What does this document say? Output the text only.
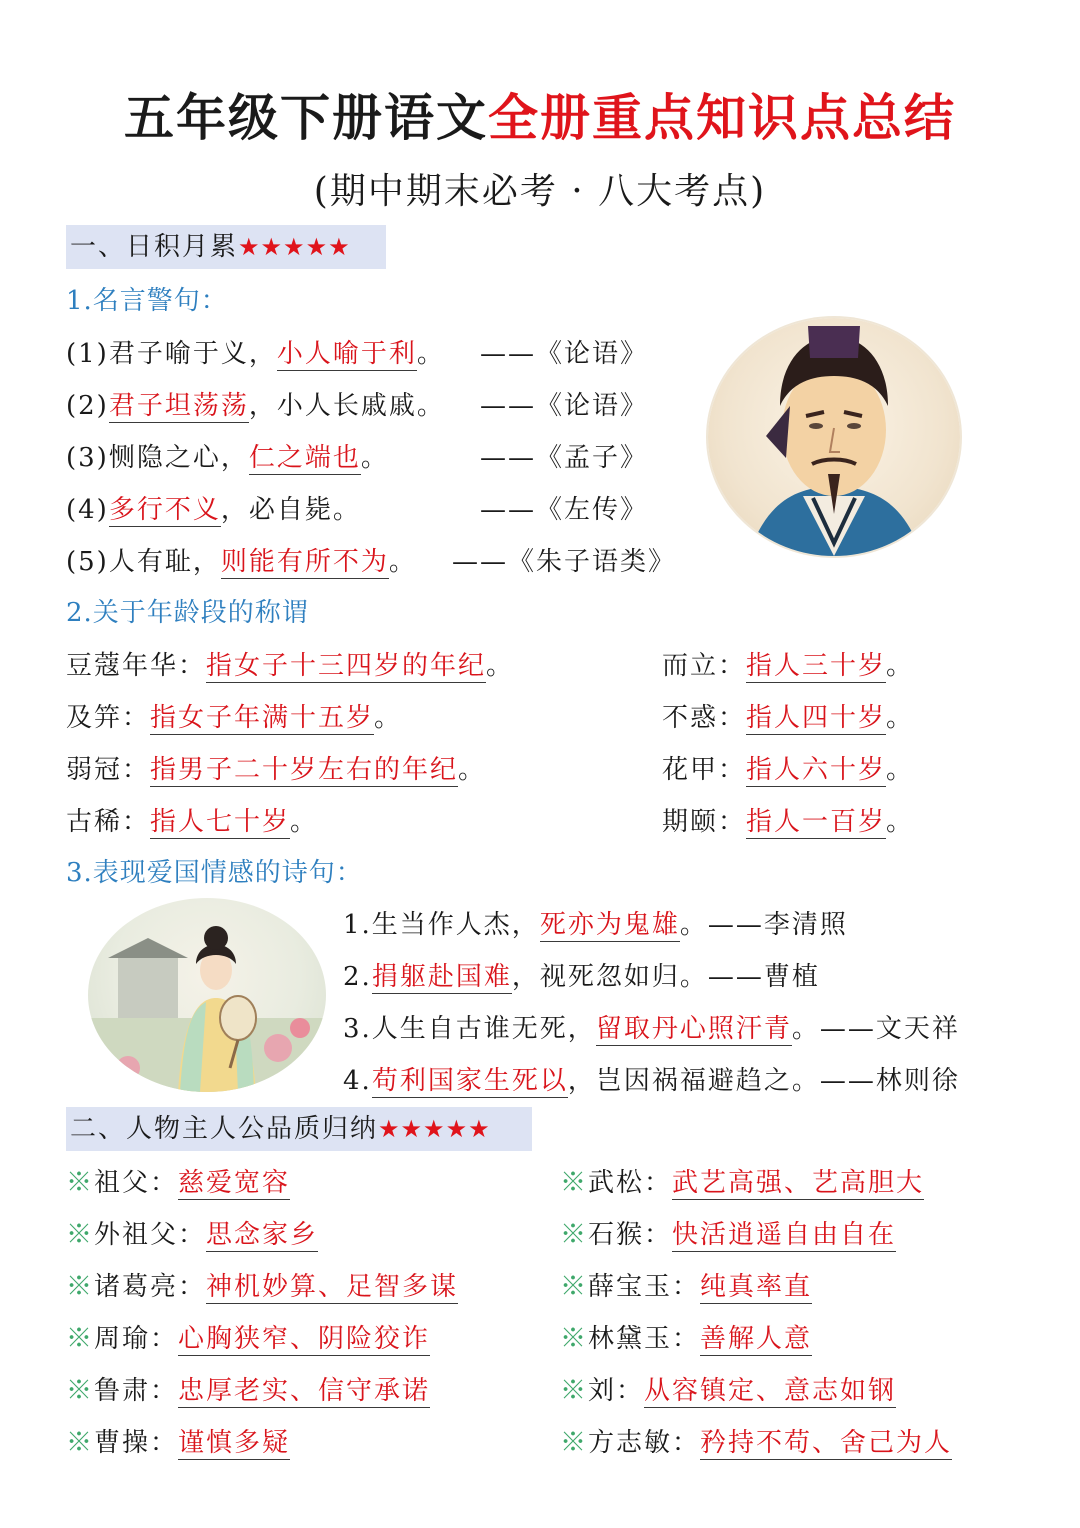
五年级下册语文全册重点知识点总结
(期中期末必考 · 八大考点)
一、日积月累★★★★★
1.名言警句：
(1)君子喻于义，小人喻于利。 ——《论语》
(2)君子坦荡荡，小人长戚戚。 ——《论语》
(3)恻隐之心，仁之端也。	——《孟子》
(4)多行不义，必自毙。	——《左传》
(5)人有耻，则能有所不为。 ——《朱子语类》
2.关于年龄段的称谓
豆蔻年华：指女子十三四岁的年纪。
及笄：指女子年满十五岁。
弱冠：指男子二十岁左右的年纪。
古稀：指人七十岁。
而立：指人三十岁。
不惑：指人四十岁。
花甲：指人六十岁。
期颐：指人一百岁。
3.表现爱国情感的诗句：
1.生当作人杰，死亦为鬼雄。——李清照
2.捐躯赴国难，视死忽如归。——曹植
3.人生自古谁无死，留取丹心照汗青。——文天祥
4.苟利国家生死以，岂因祸福避趋之。——林则徐
二、人物主人公品质归纳★★★★★
※祖父：慈爱宽容
※外祖父：思念家乡
※诸葛亮：神机妙算、足智多谋
※周瑜：心胸狭窄、阴险狡诈
※鲁肃：忠厚老实、信守承诺
※曹操：谨慎多疑
※武松：武艺高强、艺高胆大
※石猴：快活逍遥自由自在
※薛宝玉：纯真率直
※林黛玉：善解人意
※刘：从容镇定、意志如钢
※方志敏：矜持不苟、舍己为人
